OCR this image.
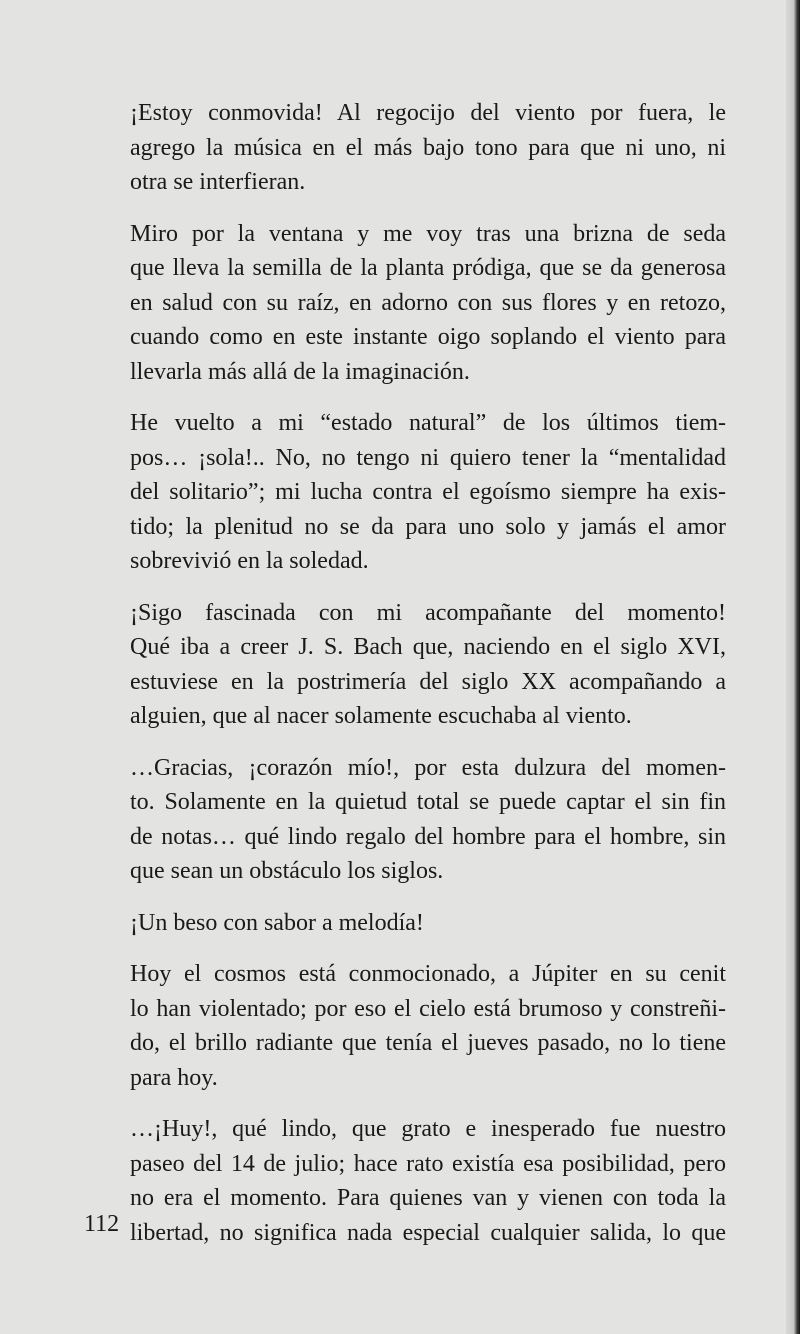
¡Estoy conmovida! Al regocijo del viento por fuera, le
agrego la música en el más bajo tono para que ni uno, ni
otra se interfieran.

Miro por la ventana y me voy tras una brizna de seda
que lleva la semilla de la planta pródiga, que se da generosa
en salud con su raíz, en adorno con sus flores y en retozo,
cuando como en este instante oigo soplando el viento para
llevarla más allá de la imaginación.

He vuelto a mi “estado natural” de los últimos tiem-
pos… ¡sola!.. No, no tengo ni quiero tener la “mentalidad
del solitario”; mi lucha contra el egoísmo siempre ha exis-
tido; la plenitud no se da para uno solo y jamás el amor
sobrevivió en la soledad.

¡Sigo fascinada con mi acompañante del momento!
Qué iba a creer J. S. Bach que, naciendo en el siglo XVI,
estuviese en la postrimería del siglo XX acompañando a
alguien, que al nacer solamente escuchaba al viento.

…Gracias, ¡corazón mío!, por esta dulzura del momen-
to. Solamente en la quietud total se puede captar el sin fin
de notas… qué lindo regalo del hombre para el hombre, sin
que sean un obstáculo los siglos.

¡Un beso con sabor a melodía!

Hoy el cosmos está conmocionado, a Júpiter en su cenit
lo han violentado; por eso el cielo está brumoso y constreñi-
do, el brillo radiante que tenía el jueves pasado, no lo tiene
para hoy.

…¡Huy!, qué lindo, que grato e inesperado fue nuestro
paseo del 14 de julio; hace rato existía esa posibilidad, pero
no era el momento. Para quienes van y vienen con toda la
libertad, no significa nada especial cualquier salida, lo que

112
